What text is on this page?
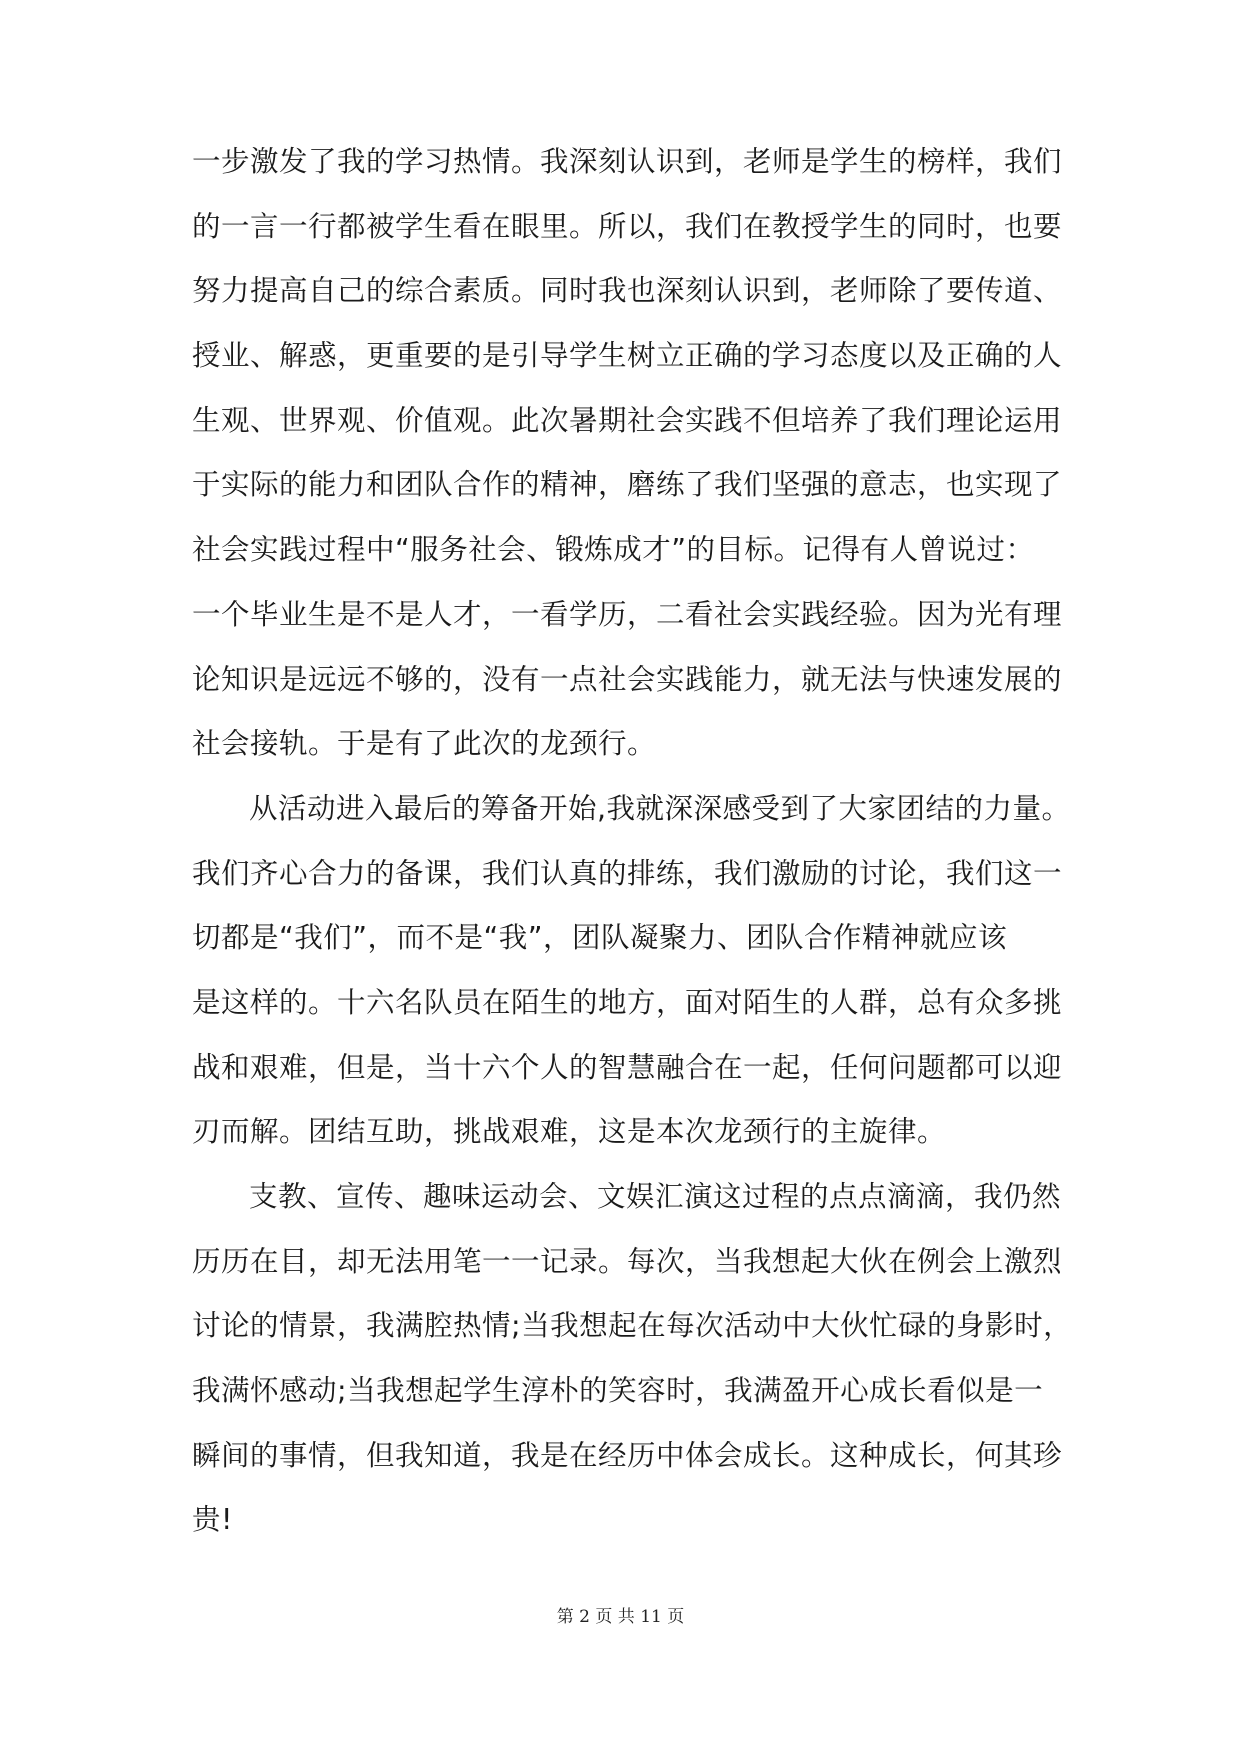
一步激发了我的学习热情。我深刻认识到，老师是学生的榜样，我们
的一言一行都被学生看在眼里。所以，我们在教授学生的同时，也要
努力提高自己的综合素质。同时我也深刻认识到，老师除了要传道、
授业、解惑，更重要的是引导学生树立正确的学习态度以及正确的人
生观、世界观、价值观。此次暑期社会实践不但培养了我们理论运用
于实际的能力和团队合作的精神，磨练了我们坚强的意志，也实现了
社会实践过程中“服务社会、锻炼成才”的目标。记得有人曾说过：
一个毕业生是不是人才，一看学历，二看社会实践经验。因为光有理
论知识是远远不够的，没有一点社会实践能力，就无法与快速发展的
社会接轨。于是有了此次的龙颈行。
从活动进入最后的筹备开始,我就深深感受到了大家团结的力量。
我们齐心合力的备课，我们认真的排练，我们激励的讨论，我们这一
切都是“我们”，而不是“我”，团队凝聚力、团队合作精神就应该
是这样的。十六名队员在陌生的地方，面对陌生的人群，总有众多挑
战和艰难，但是，当十六个人的智慧融合在一起，任何问题都可以迎
刃而解。团结互助，挑战艰难，这是本次龙颈行的主旋律。
支教、宣传、趣味运动会、文娱汇演这过程的点点滴滴，我仍然
历历在目，却无法用笔一一记录。每次，当我想起大伙在例会上激烈
讨论的情景，我满腔热情;当我想起在每次活动中大伙忙碌的身影时，
我满怀感动;当我想起学生淳朴的笑容时，我满盈开心成长看似是一
瞬间的事情，但我知道，我是在经历中体会成长。这种成长，何其珍
贵!
第 2 页 共 11 页
